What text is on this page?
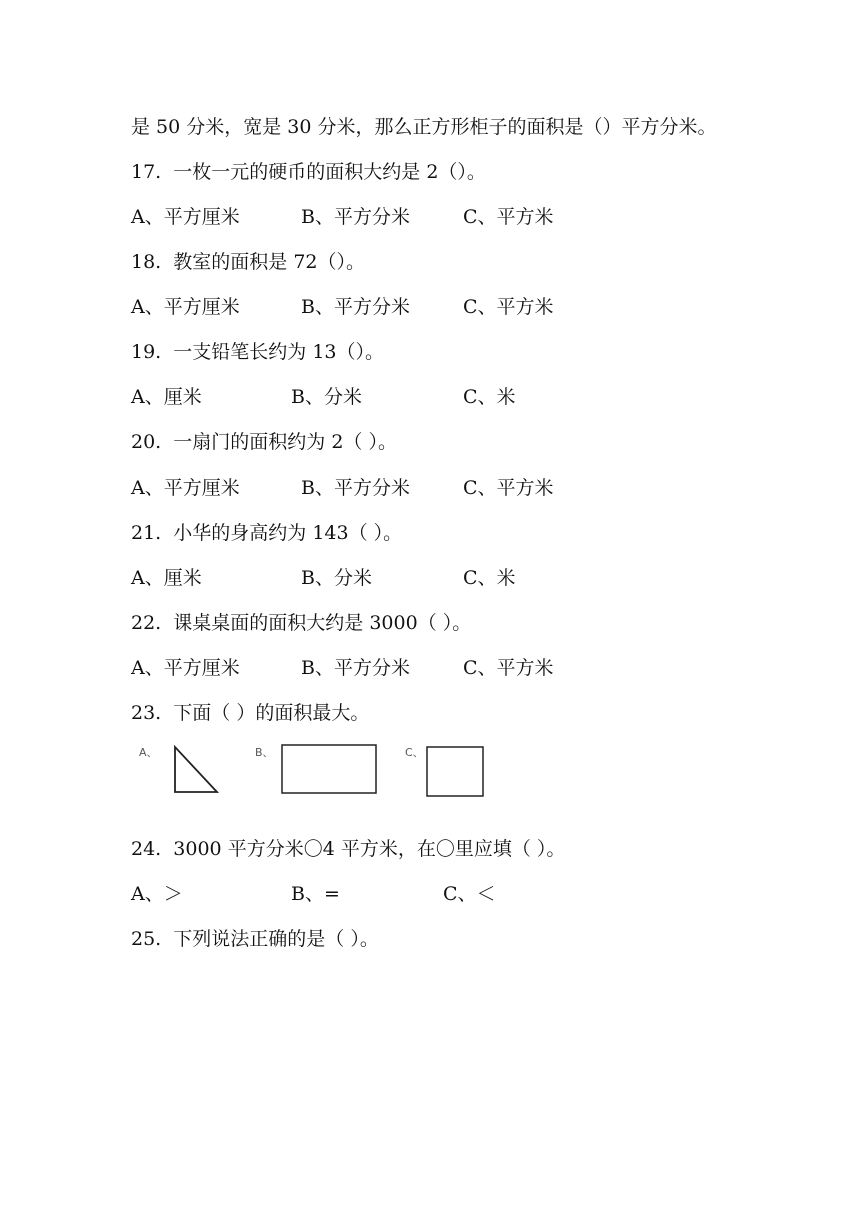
是 50 分米，宽是 30 分米，那么正方形柜子的面积是（）平方分米。
17.  一枚一元的硬币的面积大约是 2（）。
A、平方厘米	B、平方分米	C、平方米
18.  教室的面积是 72（）。
A、平方厘米	B、平方分米	C、平方米
19.  一支铅笔长约为 13（）。
A、厘米	B、分米	C、米
20.  一扇门的面积约为 2（ ）。
A、平方厘米	B、平方分米	C、平方米
21.  小华的身高约为 143（ ）。
A、厘米	B、分米	C、米
22.  课桌桌面的面积大约是 3000（ ）。
A、平方厘米	B、平方分米	C、平方米
23.  下面（ ）的面积最大。
A、	B、	C、
24.  3000 平方分米〇4 平方米，在〇里应填（ ）。
A、＞	B、=	C、＜
25.  下列说法正确的是（ ）。
